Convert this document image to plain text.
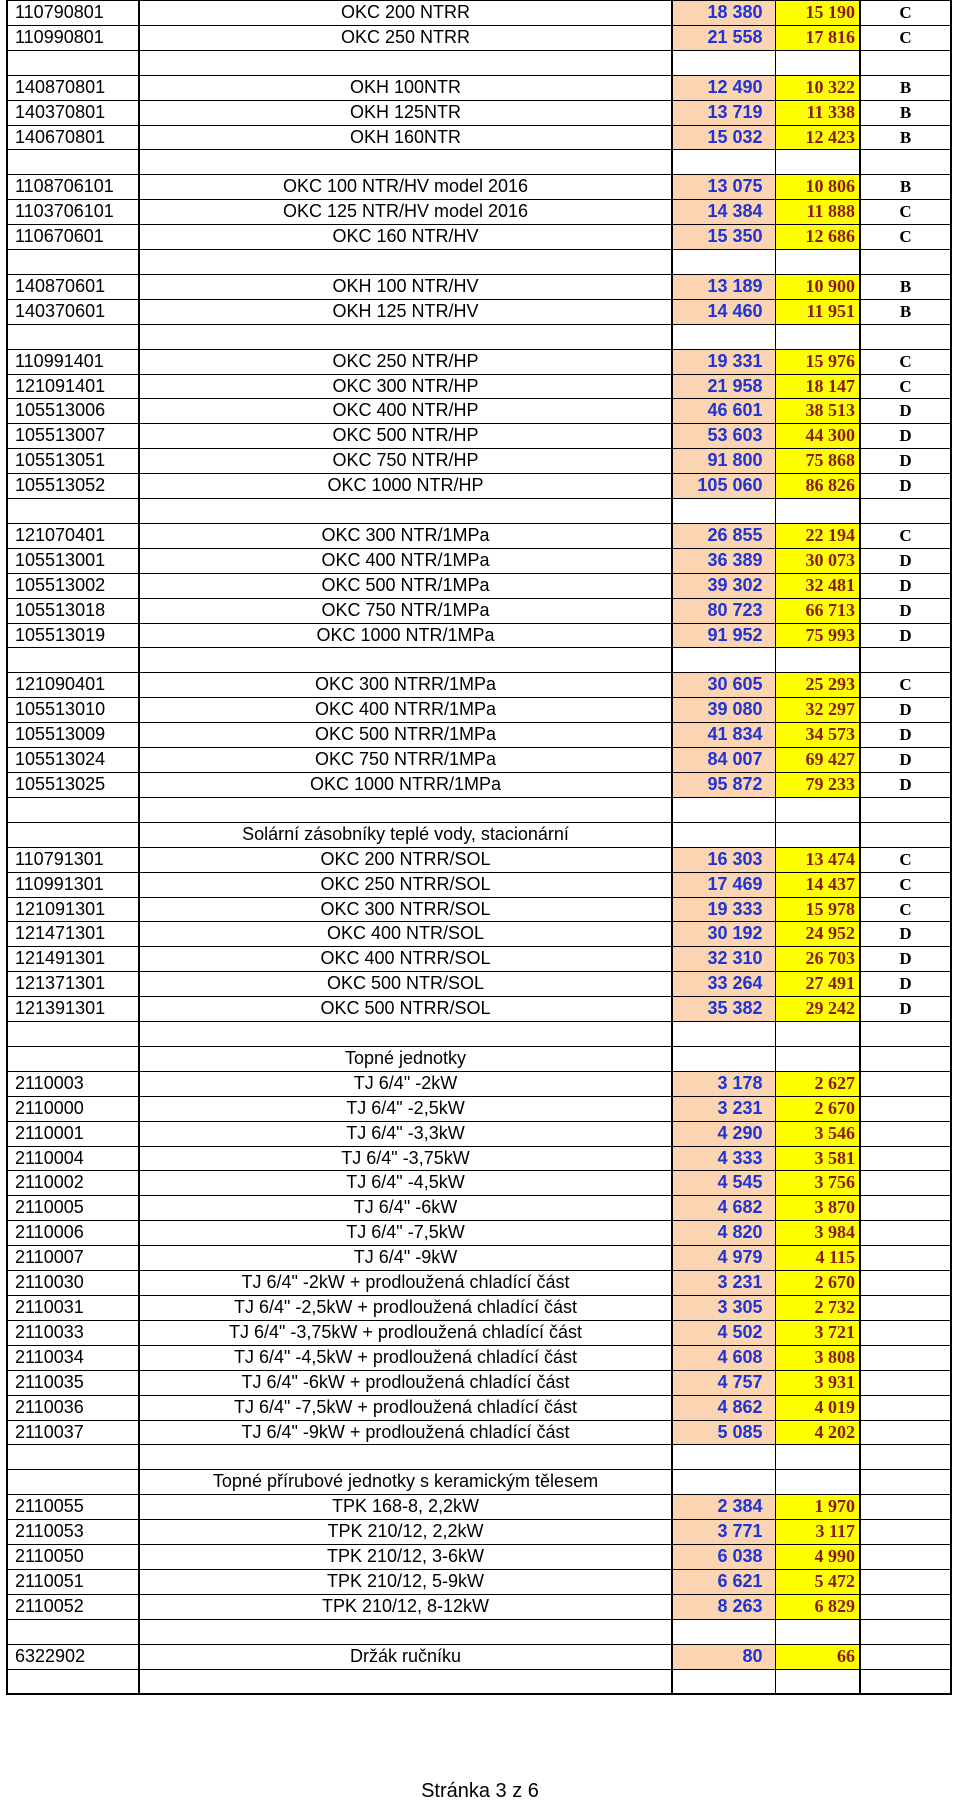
110790801	OKC 200 NTRR	18 380	15 190	C
110990801	OKC 250 NTRR	21 558	17 816	C

140870801	OKH 100NTR	12 490	10 322	B
140370801	OKH 125NTR	13 719	11 338	B
140670801	OKH 160NTR	15 032	12 423	B

1108706101	OKC 100 NTR/HV model 2016	13 075	10 806	B
1103706101	OKC 125 NTR/HV model 2016	14 384	11 888	C
110670601	OKC 160 NTR/HV	15 350	12 686	C

140870601	OKH 100 NTR/HV	13 189	10 900	B
140370601	OKH 125 NTR/HV	14 460	11 951	B

110991401	OKC 250 NTR/HP	19 331	15 976	C
121091401	OKC 300 NTR/HP	21 958	18 147	C
105513006	OKC 400 NTR/HP	46 601	38 513	D
105513007	OKC 500 NTR/HP	53 603	44 300	D
105513051	OKC 750 NTR/HP	91 800	75 868	D
105513052	OKC 1000 NTR/HP	105 060	86 826	D

121070401	OKC 300 NTR/1MPa	26 855	22 194	C
105513001	OKC 400 NTR/1MPa	36 389	30 073	D
105513002	OKC 500 NTR/1MPa	39 302	32 481	D
105513018	OKC 750 NTR/1MPa	80 723	66 713	D
105513019	OKC 1000 NTR/1MPa	91 952	75 993	D

121090401	OKC 300 NTRR/1MPa	30 605	25 293	C
105513010	OKC 400 NTRR/1MPa	39 080	32 297	D
105513009	OKC 500 NTRR/1MPa	41 834	34 573	D
105513024	OKC 750 NTRR/1MPa	84 007	69 427	D
105513025	OKC 1000 NTRR/1MPa	95 872	79 233	D

	Solární zásobníky teplé vody, stacionární			
110791301	OKC 200 NTRR/SOL	16 303	13 474	C
110991301	OKC 250 NTRR/SOL	17 469	14 437	C
121091301	OKC 300 NTRR/SOL	19 333	15 978	C
121471301	OKC 400 NTR/SOL	30 192	24 952	D
121491301	OKC 400 NTRR/SOL	32 310	26 703	D
121371301	OKC 500 NTR/SOL	33 264	27 491	D
121391301	OKC 500 NTRR/SOL	35 382	29 242	D

	Topné jednotky			
2110003	TJ 6/4" -2kW	3 178	2 627	
2110000	TJ 6/4" -2,5kW	3 231	2 670	
2110001	TJ 6/4" -3,3kW	4 290	3 546	
2110004	TJ 6/4" -3,75kW	4 333	3 581	
2110002	TJ 6/4" -4,5kW	4 545	3 756	
2110005	TJ 6/4" -6kW	4 682	3 870	
2110006	TJ 6/4" -7,5kW	4 820	3 984	
2110007	TJ 6/4" -9kW	4 979	4 115	
2110030	TJ 6/4" -2kW + prodloužená chladící část	3 231	2 670	
2110031	TJ 6/4" -2,5kW + prodloužená chladící část	3 305	2 732	
2110033	TJ 6/4" -3,75kW + prodloužená chladící část	4 502	3 721	
2110034	TJ 6/4" -4,5kW + prodloužená chladící část	4 608	3 808	
2110035	TJ 6/4" -6kW + prodloužená chladící část	4 757	3 931	
2110036	TJ 6/4" -7,5kW + prodloužená chladící část	4 862	4 019	
2110037	TJ 6/4" -9kW + prodloužená chladící část	5 085	4 202	

	Topné přírubové jednotky s keramickým tělesem			
2110055	TPK 168-8, 2,2kW	2 384	1 970	
2110053	TPK 210/12, 2,2kW	3 771	3 117	
2110050	TPK 210/12, 3-6kW	6 038	4 990	
2110051	TPK 210/12, 5-9kW	6 621	5 472	
2110052	TPK 210/12, 8-12kW	8 263	6 829	

6322902	Držák ručníku	80	66	

Stránka 3 z 6
